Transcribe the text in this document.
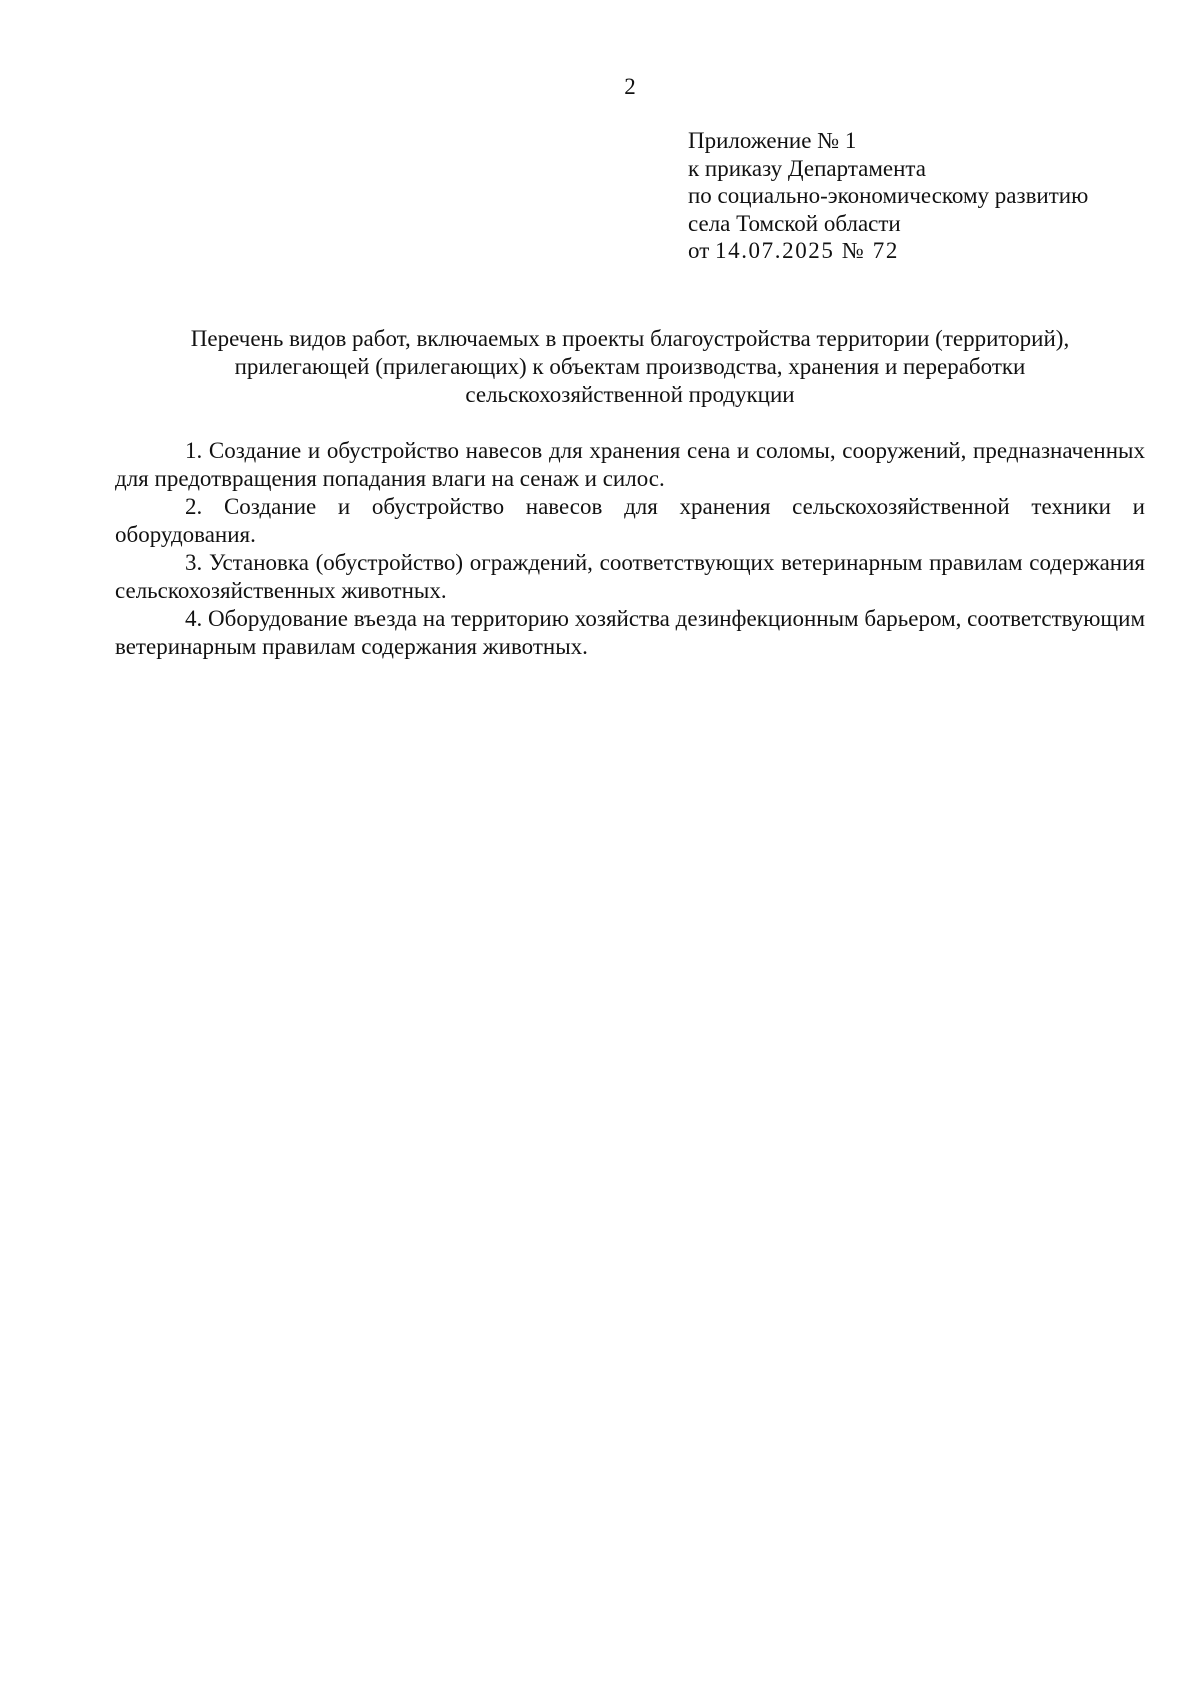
2
Приложение № 1
к приказу Департамента
по социально-экономическому развитию
села Томской области
от 14.07.2025 № 72
Перечень видов работ, включаемых в проекты благоустройства территории (территорий),
прилегающей (прилегающих) к объектам производства, хранения и переработки
сельскохозяйственной продукции

1. Создание и обустройство навесов для хранения сена и соломы, сооружений, предназначенных для предотвращения попадания влаги на сенаж и силос.

2. Создание и обустройство навесов для хранения сельскохозяйственной техники и оборудования.

3. Установка (обустройство) ограждений, соответствующих ветеринарным правилам содержания сельскохозяйственных животных.

4. Оборудование въезда на территорию хозяйства дезинфекционным барьером, соответствующим ветеринарным правилам содержания животных.
